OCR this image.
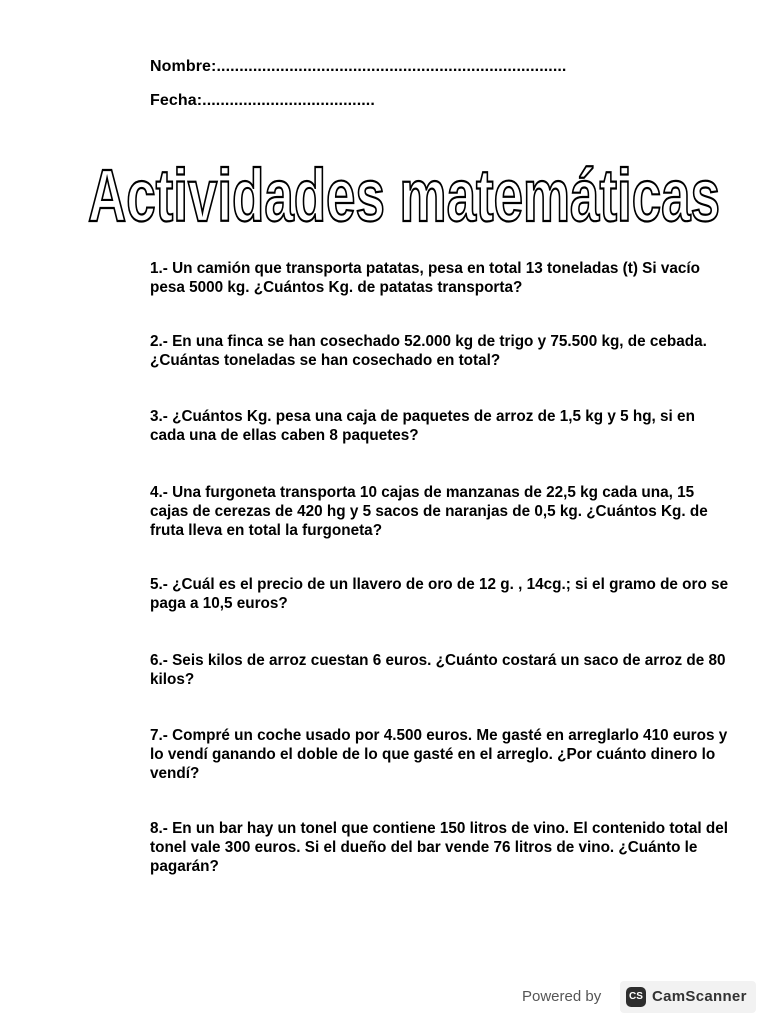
Nombre:.............................................................................
Fecha:......................................
Actividades matemáticas
1.- Un camión que transporta patatas, pesa en total 13 toneladas (t) Si vacío pesa 5000 kg. ¿Cuántos Kg. de patatas transporta?
2.- En una finca se han cosechado 52.000 kg de trigo y 75.500 kg, de cebada. ¿Cuántas toneladas se han cosechado en total?
3.- ¿Cuántos Kg. pesa una caja de paquetes de arroz de 1,5 kg y 5 hg, si en cada una de ellas caben 8 paquetes?
4.- Una furgoneta transporta 10 cajas de manzanas de 22,5 kg cada una, 15 cajas de cerezas de 420 hg y 5 sacos de naranjas de 0,5 kg. ¿Cuántos Kg. de fruta lleva en total la furgoneta?
5.- ¿Cuál es el precio de un llavero de oro de 12 g. , 14cg.; si el gramo de oro se paga a 10,5 euros?
6.- Seis kilos de arroz cuestan 6 euros. ¿Cuánto costará un saco de arroz de 80 kilos?
7.- Compré un coche usado por 4.500 euros. Me gasté en arreglarlo 410 euros y lo vendí ganando el doble de lo que gasté en el arreglo. ¿Por cuánto dinero lo vendí?
8.- En un bar hay un tonel que contiene 150 litros de vino. El contenido total del tonel vale 300 euros. Si el dueño del bar vende 76 litros de vino. ¿Cuánto le pagarán?
Powered by	CS CamScanner
